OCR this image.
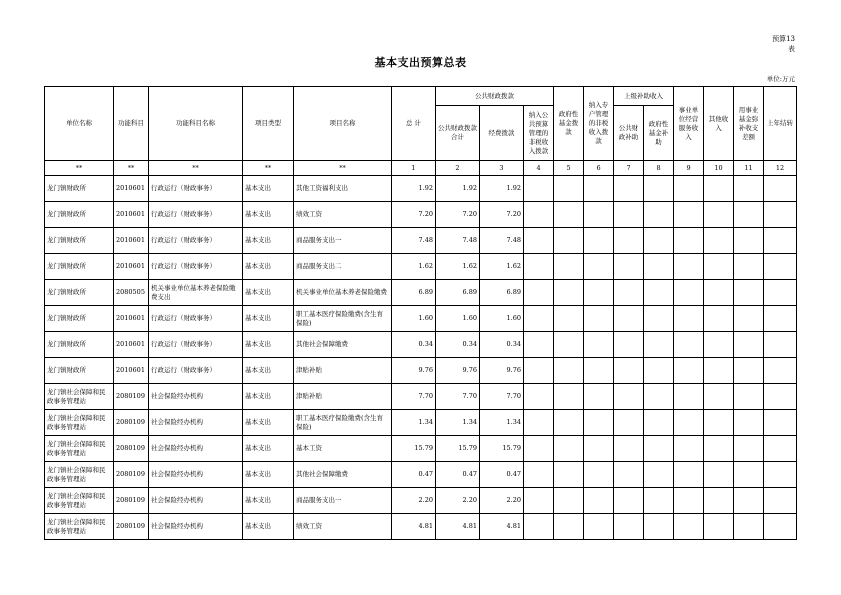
预算13
表
基本支出预算总表
单位:万元
单位名称	功能科目	功能科目名称	项目类型	项目名称	总 计	公共财政拨款			政府性基金拨款	纳入专户管理的非税收入拨款	上级补助收入		事业单位经营服务收入	其他收入	用事业基金弥补收支差额	上年结转
						公共财政拨款合计	经费拨款	纳入公共预算管理的非税收入拨款			公共财政补助	政府性基金补助				
**	**	**	**	**	1	2	3	4	5	6	7	8	9	10	11	12
龙门镇财政所	2010601	行政运行（财政事务）	基本支出	其他工资福利支出	1.92	1.92	1.92									
龙门镇财政所	2010601	行政运行（财政事务）	基本支出	绩效工资	7.20	7.20	7.20									
龙门镇财政所	2010601	行政运行（财政事务）	基本支出	商品服务支出一	7.48	7.48	7.48									
龙门镇财政所	2010601	行政运行（财政事务）	基本支出	商品服务支出二	1.62	1.62	1.62									
龙门镇财政所	2080505	机关事业单位基本养老保险缴费支出	基本支出	机关事业单位基本养老保险缴费	6.89	6.89	6.89									
龙门镇财政所	2010601	行政运行（财政事务）	基本支出	职工基本医疗保险缴费(含生育保险)	1.60	1.60	1.60									
龙门镇财政所	2010601	行政运行（财政事务）	基本支出	其他社会保障缴费	0.34	0.34	0.34									
龙门镇财政所	2010601	行政运行（财政事务）	基本支出	津贴补贴	9.76	9.76	9.76									
龙门镇社会保障和民政事务管理站	2080109	社会保险经办机构	基本支出	津贴补贴	7.70	7.70	7.70									
龙门镇社会保障和民政事务管理站	2080109	社会保险经办机构	基本支出	职工基本医疗保险缴费(含生育保险)	1.34	1.34	1.34									
龙门镇社会保障和民政事务管理站	2080109	社会保险经办机构	基本支出	基本工资	15.79	15.79	15.79									
龙门镇社会保障和民政事务管理站	2080109	社会保险经办机构	基本支出	其他社会保障缴费	0.47	0.47	0.47									
龙门镇社会保障和民政事务管理站	2080109	社会保险经办机构	基本支出	商品服务支出一	2.20	2.20	2.20									
龙门镇社会保障和民政事务管理站	2080109	社会保险经办机构	基本支出	绩效工资	4.81	4.81	4.81									
